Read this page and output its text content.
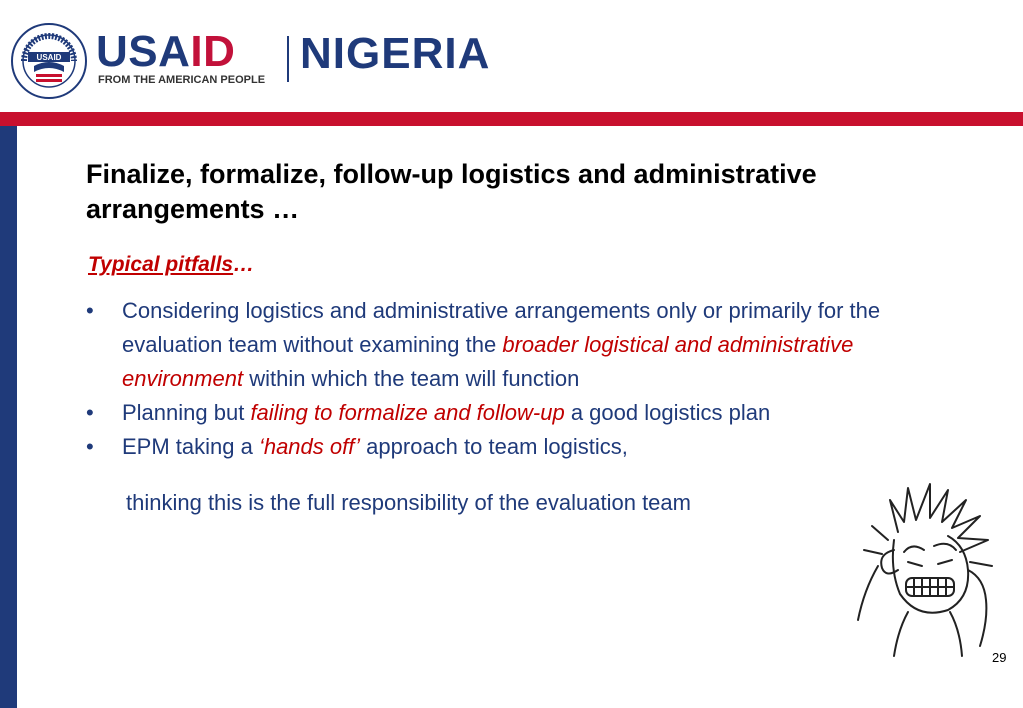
USAID USAID
FROM THE AMERICAN PEOPLE
NIGERIA
Finalize, formalize, follow-up logistics and administrative arrangements …
Typical pitfalls…

• Considering logistics and administrative arrangements only or primarily for the evaluation team without examining the broader logistical and administrative environment within which the team will function

• Planning but failing to formalize and follow-up a good logistics plan

• EPM taking a ‘hands off’ approach to team logistics,

thinking this is the full responsibility of the evaluation team

29
